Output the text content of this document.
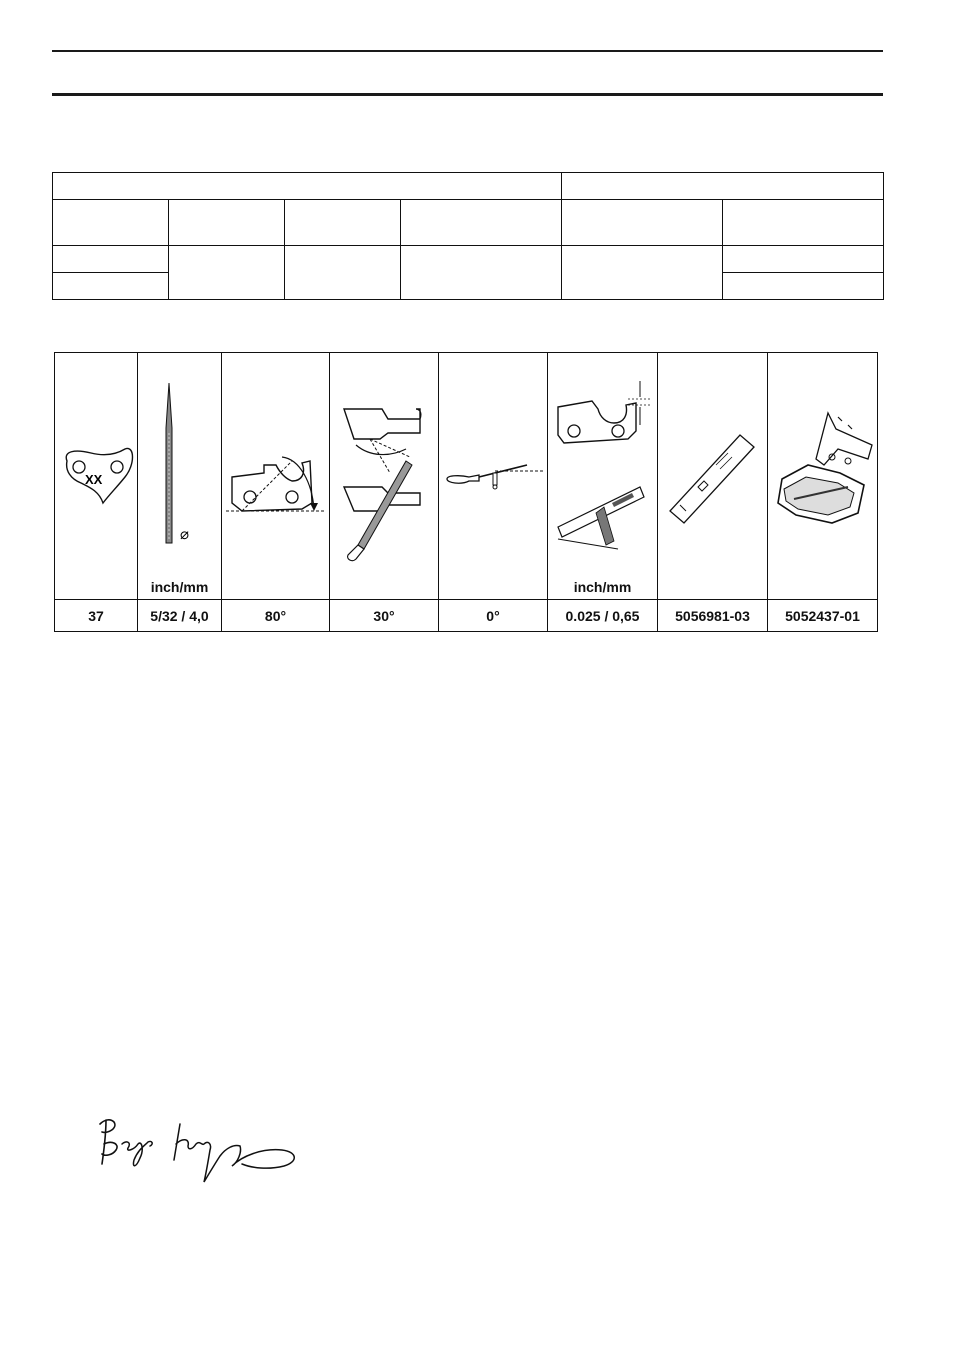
XX	⌀
inch/mm				inch/mm

37	5/32 / 4,0	80°	30°	0°	0.025 / 0,65	5056981-03	5052437-01
